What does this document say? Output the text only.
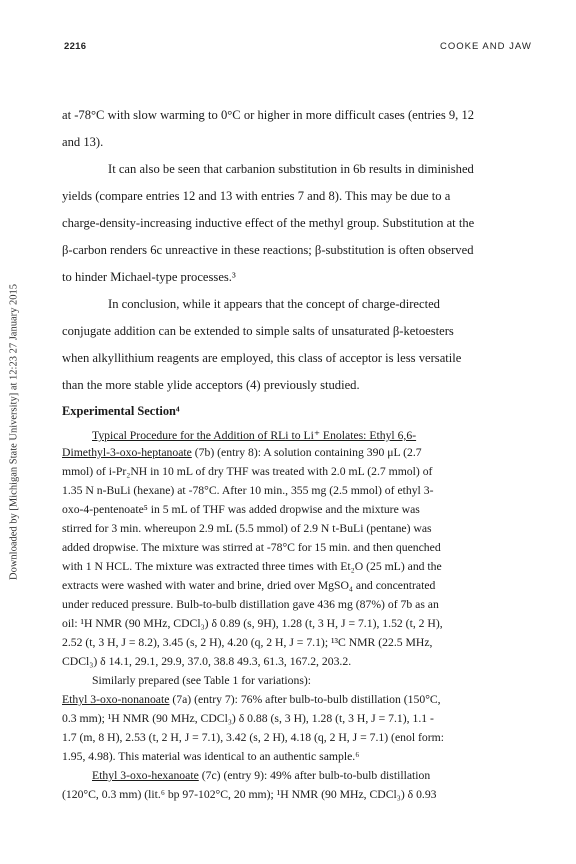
Downloaded by [Michigan State University] at 12:23 27 January 2015
2216	COOKE AND JAW
at -78°C with slow warming to 0°C or higher in more difficult cases (entries 9, 12
and 13).
It can also be seen that carbanion substitution in 6b results in diminished
yields (compare entries 12 and 13 with entries 7 and 8). This may be due to a
charge-density-increasing inductive effect of the methyl group. Substitution at the
β-carbon renders 6c unreactive in these reactions; β-substitution is often observed
to hinder Michael-type processes.³
In conclusion, while it appears that the concept of charge-directed
conjugate addition can be extended to simple salts of unsaturated β-ketoesters
when alkyllithium reagents are employed, this class of acceptor is less versatile
than the more stable ylide acceptors (4) previously studied.
Experimental Section⁴
Typical Procedure for the Addition of RLi to Li⁺ Enolates: Ethyl 6,6-
Dimethyl-3-oxo-heptanoate (7b) (entry 8): A solution containing 390 μL (2.7
mmol) of i-Pr₂NH in 10 mL of dry THF was treated with 2.0 mL (2.7 mmol) of
1.35 N n-BuLi (hexane) at -78°C. After 10 min., 355 mg (2.5 mmol) of ethyl 3-
oxo-4-pentenoate⁵ in 5 mL of THF was added dropwise and the mixture was
stirred for 3 min. whereupon 2.9 mL (5.5 mmol) of 2.9 N t-BuLi (pentane) was
added dropwise. The mixture was stirred at -78°C for 15 min. and then quenched
with 1 N HCL. The mixture was extracted three times with Et₂O (25 mL) and the
extracts were washed with water and brine, dried over MgSO₄ and concentrated
under reduced pressure. Bulb-to-bulb distillation gave 436 mg (87%) of 7b as an
oil: ¹H NMR (90 MHz, CDCl₃) δ 0.89 (s, 9H), 1.28 (t, 3 H, J = 7.1), 1.52 (t, 2 H),
2.52 (t, 3 H, J = 8.2), 3.45 (s, 2 H), 4.20 (q, 2 H, J = 7.1); ¹³C NMR (22.5 MHz,
CDCl₃) δ 14.1, 29.1, 29.9, 37.0, 38.8 49.3, 61.3, 167.2, 203.2.
Similarly prepared (see Table 1 for variations):
Ethyl 3-oxo-nonanoate (7a) (entry 7): 76% after bulb-to-bulb distillation (150°C,
0.3 mm); ¹H NMR (90 MHz, CDCl₃) δ 0.88 (s, 3 H), 1.28 (t, 3 H, J = 7.1), 1.1 -
1.7 (m, 8 H), 2.53 (t, 2 H, J = 7.1), 3.42 (s, 2 H), 4.18 (q, 2 H, J = 7.1) (enol form:
1.95, 4.98). This material was identical to an authentic sample.⁶
Ethyl 3-oxo-hexanoate (7c) (entry 9): 49% after bulb-to-bulb distillation
(120°C, 0.3 mm) (lit.⁶ bp 97-102°C, 20 mm); ¹H NMR (90 MHz, CDCl₃) δ 0.93
